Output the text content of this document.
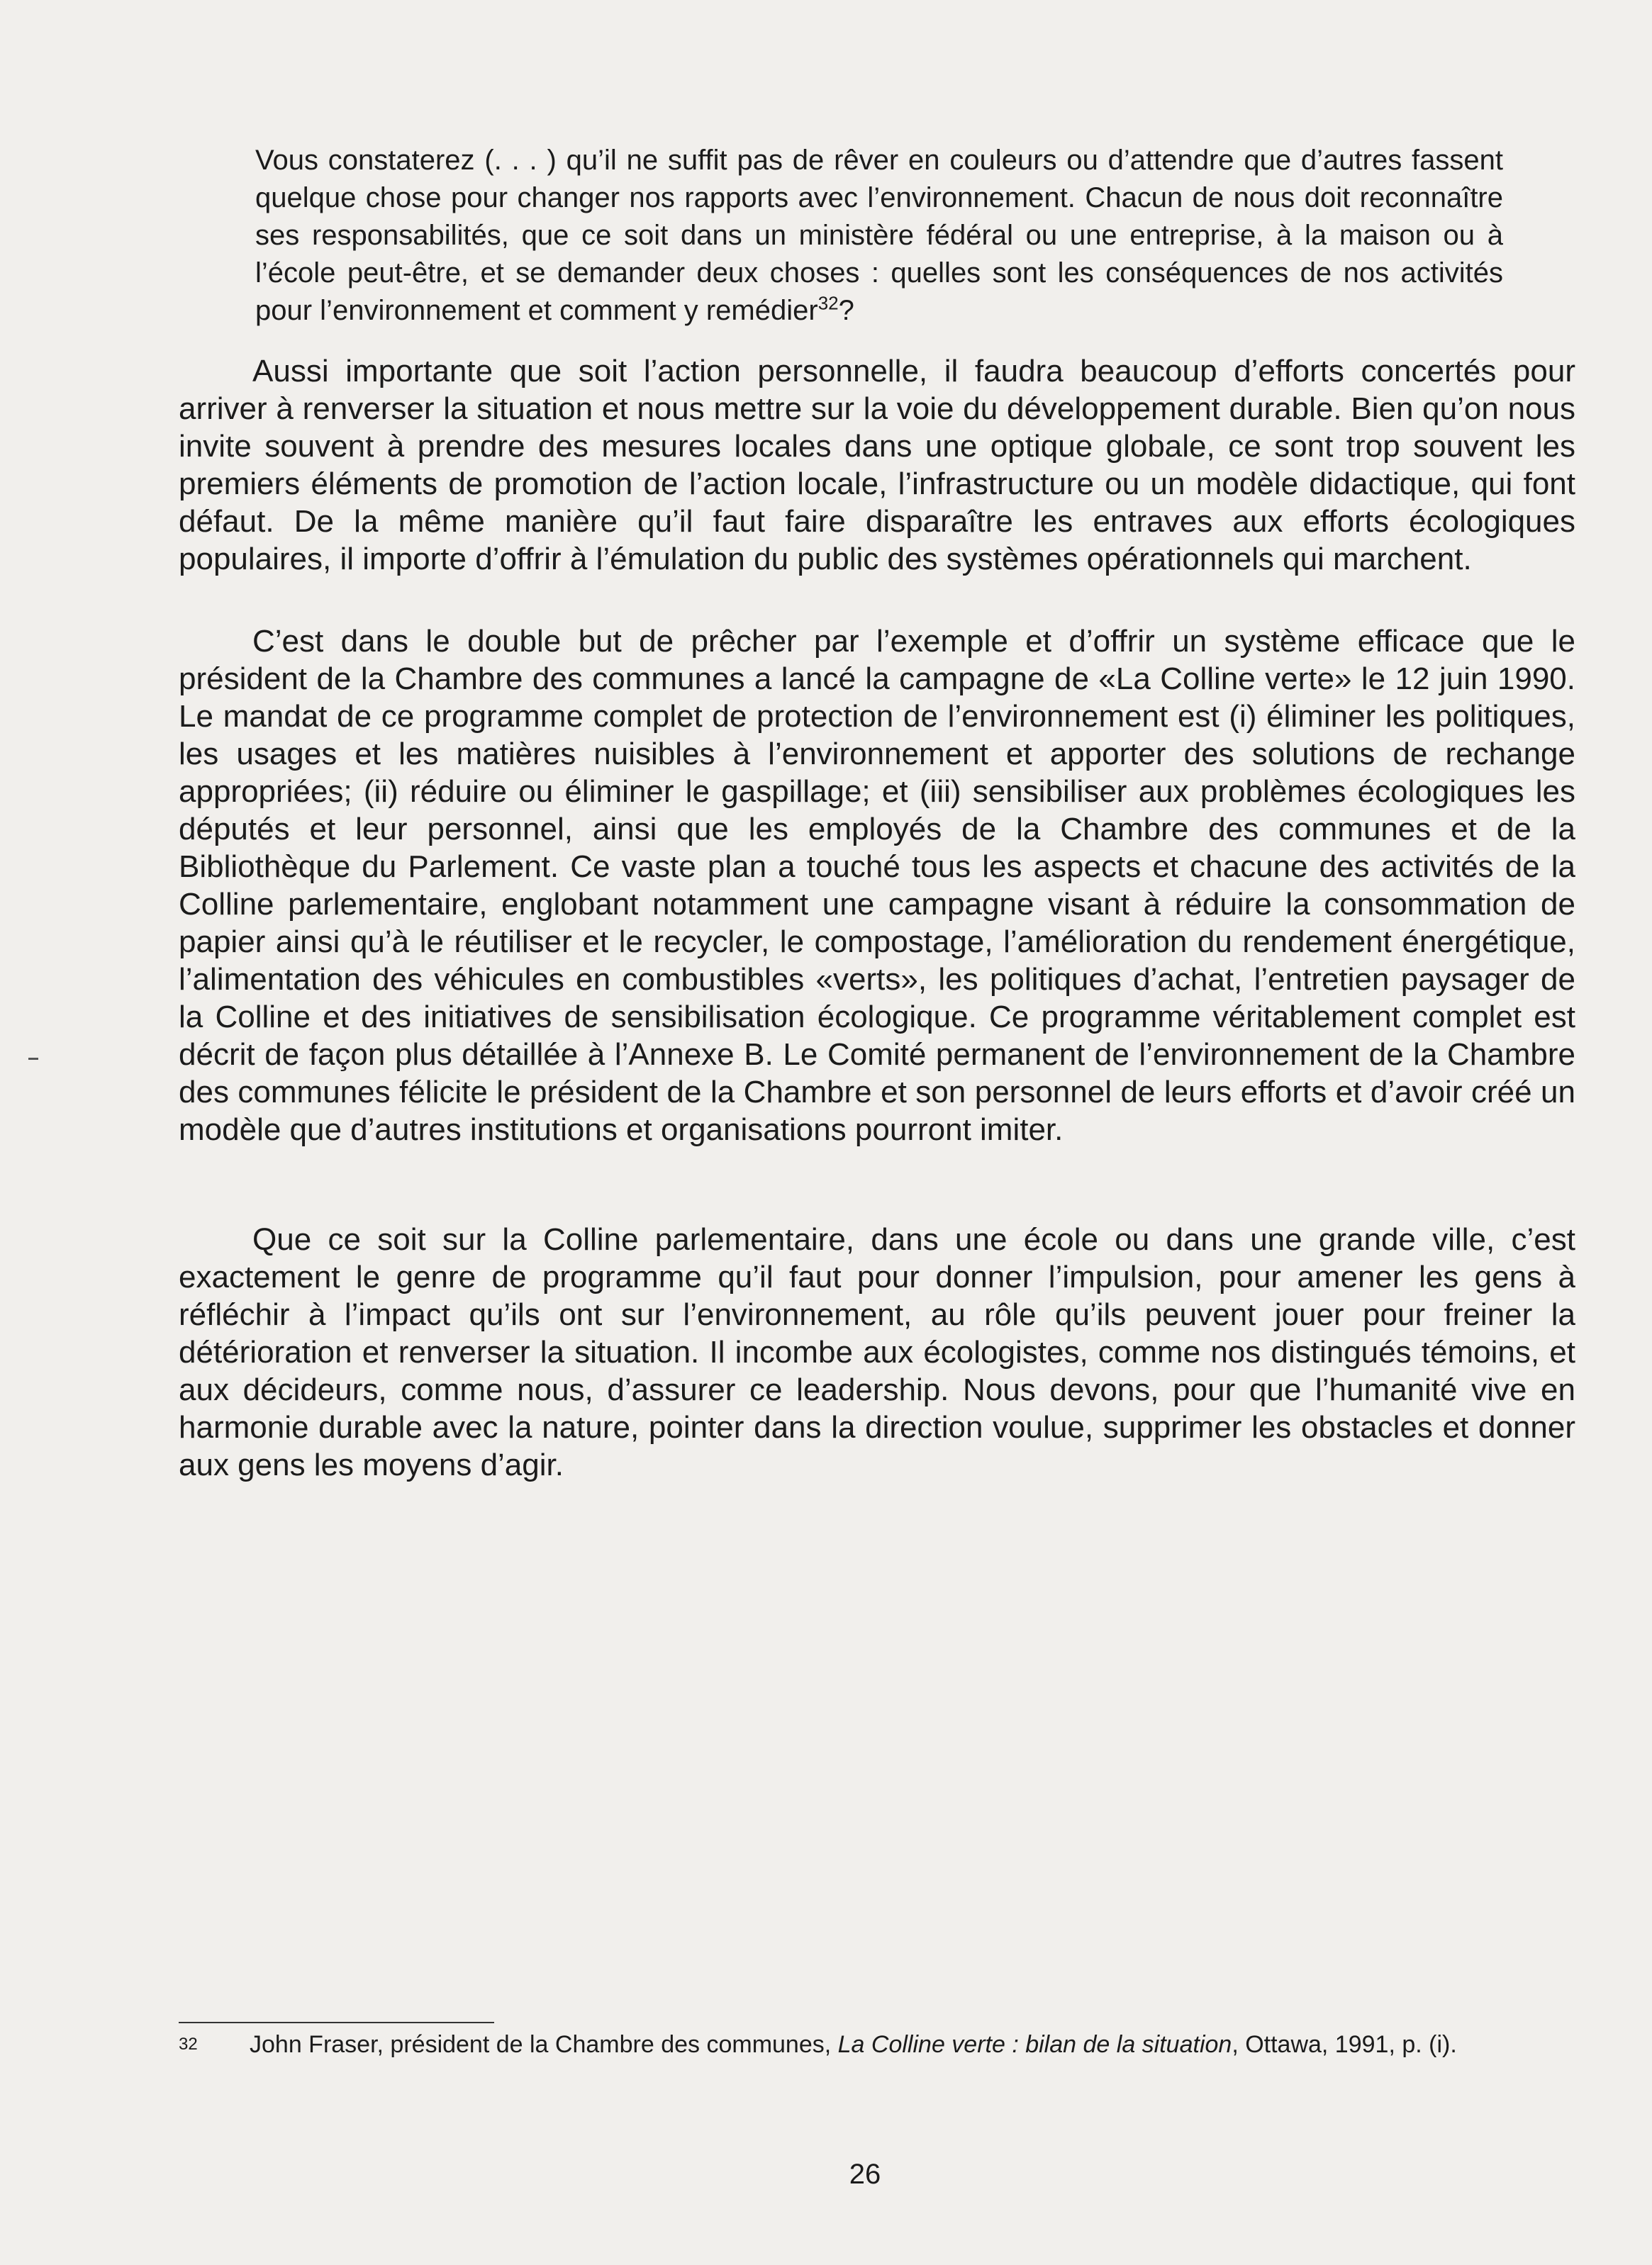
Vous constaterez (. . . ) qu’il ne suffit pas de rêver en couleurs ou d’attendre que d’autres fassent quelque chose pour changer nos rapports avec l’environnement. Chacun de nous doit reconnaître ses responsabilités, que ce soit dans un ministère fédéral ou une entreprise, à la maison ou à l’école peut-être, et se demander deux choses : quelles sont les conséquences de nos activités pour l’environnement et comment y remédier$^{32}$?

Aussi importante que soit l’action personnelle, il faudra beaucoup d’efforts concertés pour arriver à renverser la situation et nous mettre sur la voie du développement durable. Bien qu’on nous invite souvent à prendre des mesures locales dans une optique globale, ce sont trop souvent les premiers éléments de promotion de l’action locale, l’infrastructure ou un modèle didactique, qui font défaut. De la même manière qu’il faut faire disparaître les entraves aux efforts écologiques populaires, il importe d’offrir à l’émulation du public des systèmes opérationnels qui marchent.

C’est dans le double but de prêcher par l’exemple et d’offrir un système efficace que le président de la Chambre des communes a lancé la campagne de «La Colline verte» le 12 juin 1990. Le mandat de ce programme complet de protection de l’environnement est (i) éliminer les politiques, les usages et les matières nuisibles à l’environnement et apporter des solutions de rechange appropriées; (ii) réduire ou éliminer le gaspillage; et (iii) sensibiliser aux problèmes écologiques les députés et leur personnel, ainsi que les employés de la Chambre des communes et de la Bibliothèque du Parlement. Ce vaste plan a touché tous les aspects et chacune des activités de la Colline parlementaire, englobant notamment une campagne visant à réduire la consommation de papier ainsi qu’à le réutiliser et le recycler, le compostage, l’amélioration du rendement énergétique, l’alimentation des véhicules en combustibles «verts», les politiques d’achat, l’entretien paysager de la Colline et des initiatives de sensibilisation écologique. Ce programme véritablement complet est décrit de façon plus détaillée à l’Annexe B. Le Comité permanent de l’environnement de la Chambre des communes félicite le président de la Chambre et son personnel de leurs efforts et d’avoir créé un modèle que d’autres institutions et organisations pourront imiter.

Que ce soit sur la Colline parlementaire, dans une école ou dans une grande ville, c’est exactement le genre de programme qu’il faut pour donner l’impulsion, pour amener les gens à réfléchir à l’impact qu’ils ont sur l’environnement, au rôle qu’ils peuvent jouer pour freiner la détérioration et renverser la situation. Il incombe aux écologistes, comme nos distingués témoins, et aux décideurs, comme nous, d’assurer ce leadership. Nous devons, pour que l’humanité vive en harmonie durable avec la nature, pointer dans la direction voulue, supprimer les obstacles et donner aux gens les moyens d’agir.

32 John Fraser, président de la Chambre des communes, La Colline verte : bilan de la situation, Ottawa, 1991, p. (i).

26
